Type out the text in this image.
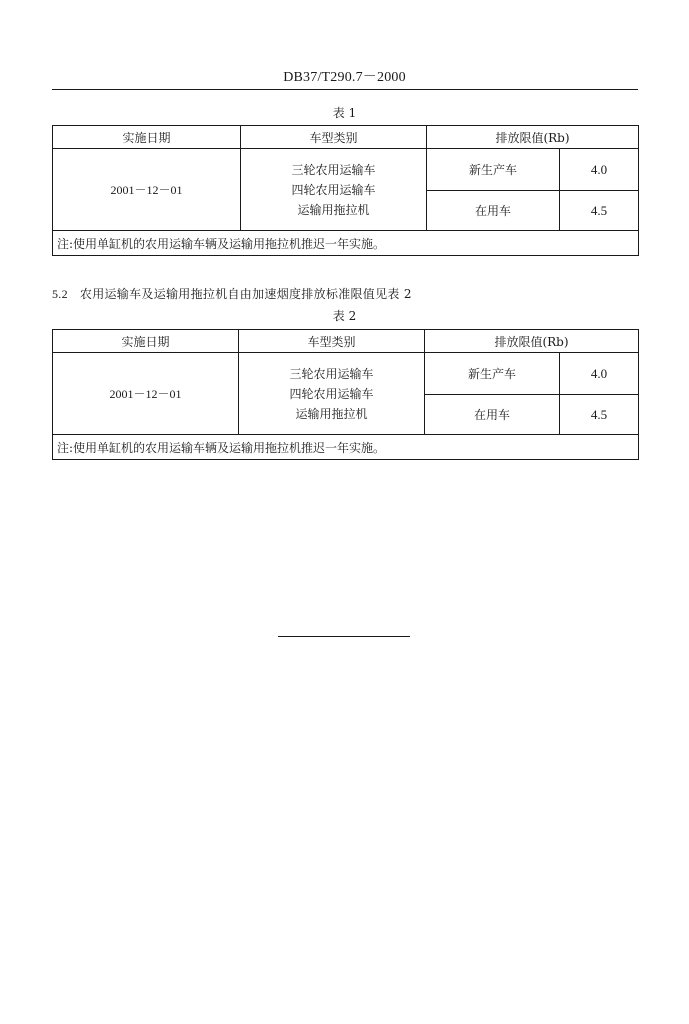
DB37/T290.7－2000
表 1
实施日期	车型类别	排放限值(Rb)	
2001－12－01	三轮农用运输车
四轮农用运输车
运输用拖拉机	新生产车	4.0
		在用车	4.5
注:使用单缸机的农用运输车辆及运输用拖拉机推迟一年实施。			
5.2 农用运输车及运输用拖拉机自由加速烟度排放标准限值见表 2
表 2
实施日期	车型类别	排放限值(Rb)	
2001－12－01	三轮农用运输车
四轮农用运输车
运输用拖拉机	新生产车	4.0
		在用车	4.5
注:使用单缸机的农用运输车辆及运输用拖拉机推迟一年实施。			
